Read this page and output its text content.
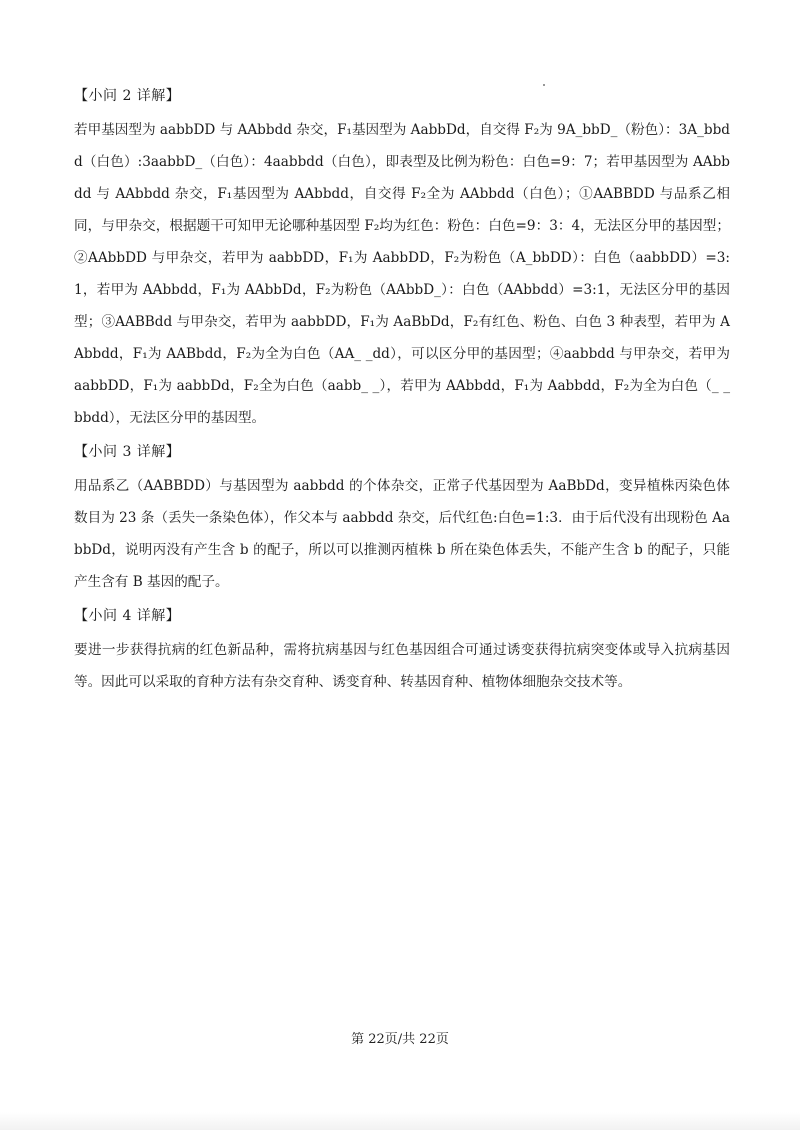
【小问 2 详解】
若甲基因型为 aabbDD 与 AAbbdd 杂交，F₁基因型为 AabbDd，自交得 F₂为 9A_bbD_（粉色）：3A_bbdd（白色）:3aabbD_（白色）：4aabbdd（白色），即表型及比例为粉色：白色=9：7；若甲基因型为 AAbbdd 与 AAbbdd 杂交，F₁基因型为 AAbbdd，自交得 F₂全为 AAbbdd（白色）；①AABBDD 与品系乙相同，与甲杂交，根据题干可知甲无论哪种基因型 F₂均为红色：粉色：白色=9：3：4，无法区分甲的基因型；②AAbbDD 与甲杂交，若甲为 aabbDD，F₁为 AabbDD，F₂为粉色（A_bbDD）：白色（aabbDD）=3:1，若甲为 AAbbdd，F₁为 AAbbDd，F₂为粉色（AAbbD_）：白色（AAbbdd）=3:1，无法区分甲的基因型；③AABBdd 与甲杂交，若甲为 aabbDD，F₁为 AaBbDd，F₂有红色、粉色、白色 3 种表型，若甲为 AAbbdd，F₁为 AABbdd，F₂为全为白色（AA_ _dd），可以区分甲的基因型；④aabbdd 与甲杂交，若甲为 aabbDD，F₁为 aabbDd，F₂全为白色（aabb_ _），若甲为 AAbbdd，F₁为 Aabbdd，F₂为全为白色（_ _bbdd），无法区分甲的基因型。
【小问 3 详解】
用品系乙（AABBDD）与基因型为 aabbdd 的个体杂交，正常子代基因型为 AaBbDd，变异植株丙染色体数目为 23 条（丢失一条染色体），作父本与 aabbdd 杂交，后代红色:白色=1:3．由于后代没有出现粉色 AabbDd，说明丙没有产生含 b 的配子，所以可以推测丙植株 b 所在染色体丢失，不能产生含 b 的配子，只能产生含有 B 基因的配子。
【小问 4 详解】
要进一步获得抗病的红色新品种，需将抗病基因与红色基因组合可通过诱变获得抗病突变体或导入抗病基因等。因此可以采取的育种方法有杂交育种、诱变育种、转基因育种、植物体细胞杂交技术等。
第 22页/共 22页
